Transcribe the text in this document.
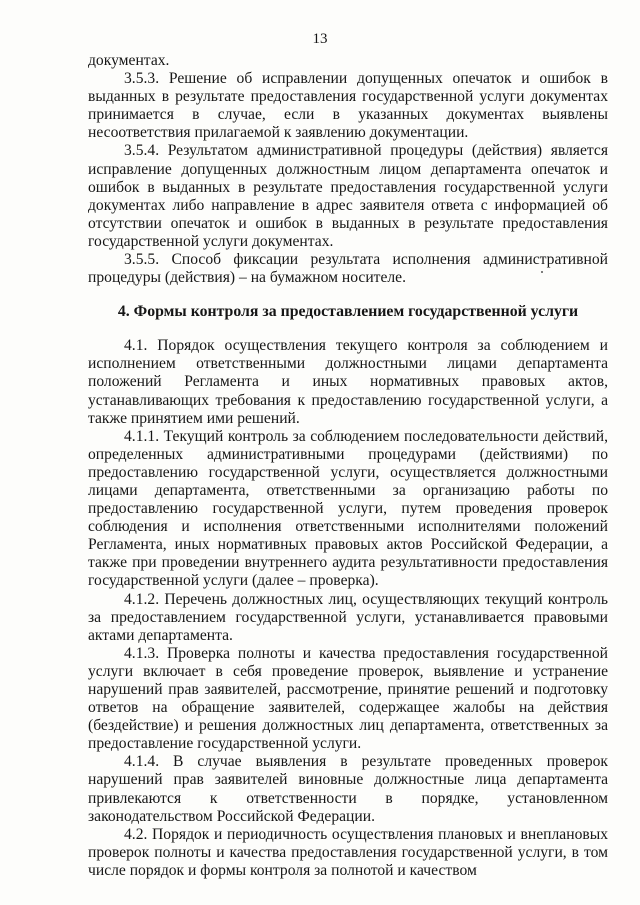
13

документах.

3.5.3. Решение об исправлении допущенных опечаток и ошибок в выданных в результате предоставления государственной услуги документах принимается в случае, если в указанных документах выявлены несоответствия прилагаемой к заявлению документации.

3.5.4. Результатом административной процедуры (действия) является исправление допущенных должностным лицом департамента опечаток и ошибок в выданных в результате предоставления государственной услуги документах либо направление в адрес заявителя ответа с информацией об отсутствии опечаток и ошибок в выданных в результате предоставления государственной услуги документах.

3.5.5. Способ фиксации результата исполнения административной процедуры (действия) – на бумажном носителе.

4. Формы контроля за предоставлением государственной услуги

4.1. Порядок осуществления текущего контроля за соблюдением и исполнением ответственными должностными лицами департамента положений Регламента и иных нормативных правовых актов, устанавливающих требования к предоставлению государственной услуги, а также принятием ими решений.

4.1.1. Текущий контроль за соблюдением последовательности действий, определенных административными процедурами (действиями) по предоставлению государственной услуги, осуществляется должностными лицами департамента, ответственными за организацию работы по предоставлению государственной услуги, путем проведения проверок соблюдения и исполнения ответственными исполнителями положений Регламента, иных нормативных правовых актов Российской Федерации, а также при проведении внутреннего аудита результативности предоставления государственной услуги (далее – проверка).

4.1.2. Перечень должностных лиц, осуществляющих текущий контроль за предоставлением государственной услуги, устанавливается правовыми актами департамента.

4.1.3. Проверка полноты и качества предоставления государственной услуги включает в себя проведение проверок, выявление и устранение нарушений прав заявителей, рассмотрение, принятие решений и подготовку ответов на обращение заявителей, содержащее жалобы на действия (бездействие) и решения должностных лиц департамента, ответственных за предоставление государственной услуги.

4.1.4. В случае выявления в результате проведенных проверок нарушений прав заявителей виновные должностные лица департамента привлекаются к ответственности в порядке, установленном законодательством Российской Федерации.

4.2. Порядок и периодичность осуществления плановых и внеплановых проверок полноты и качества предоставления государственной услуги, в том числе порядок и формы контроля за полнотой и качеством
